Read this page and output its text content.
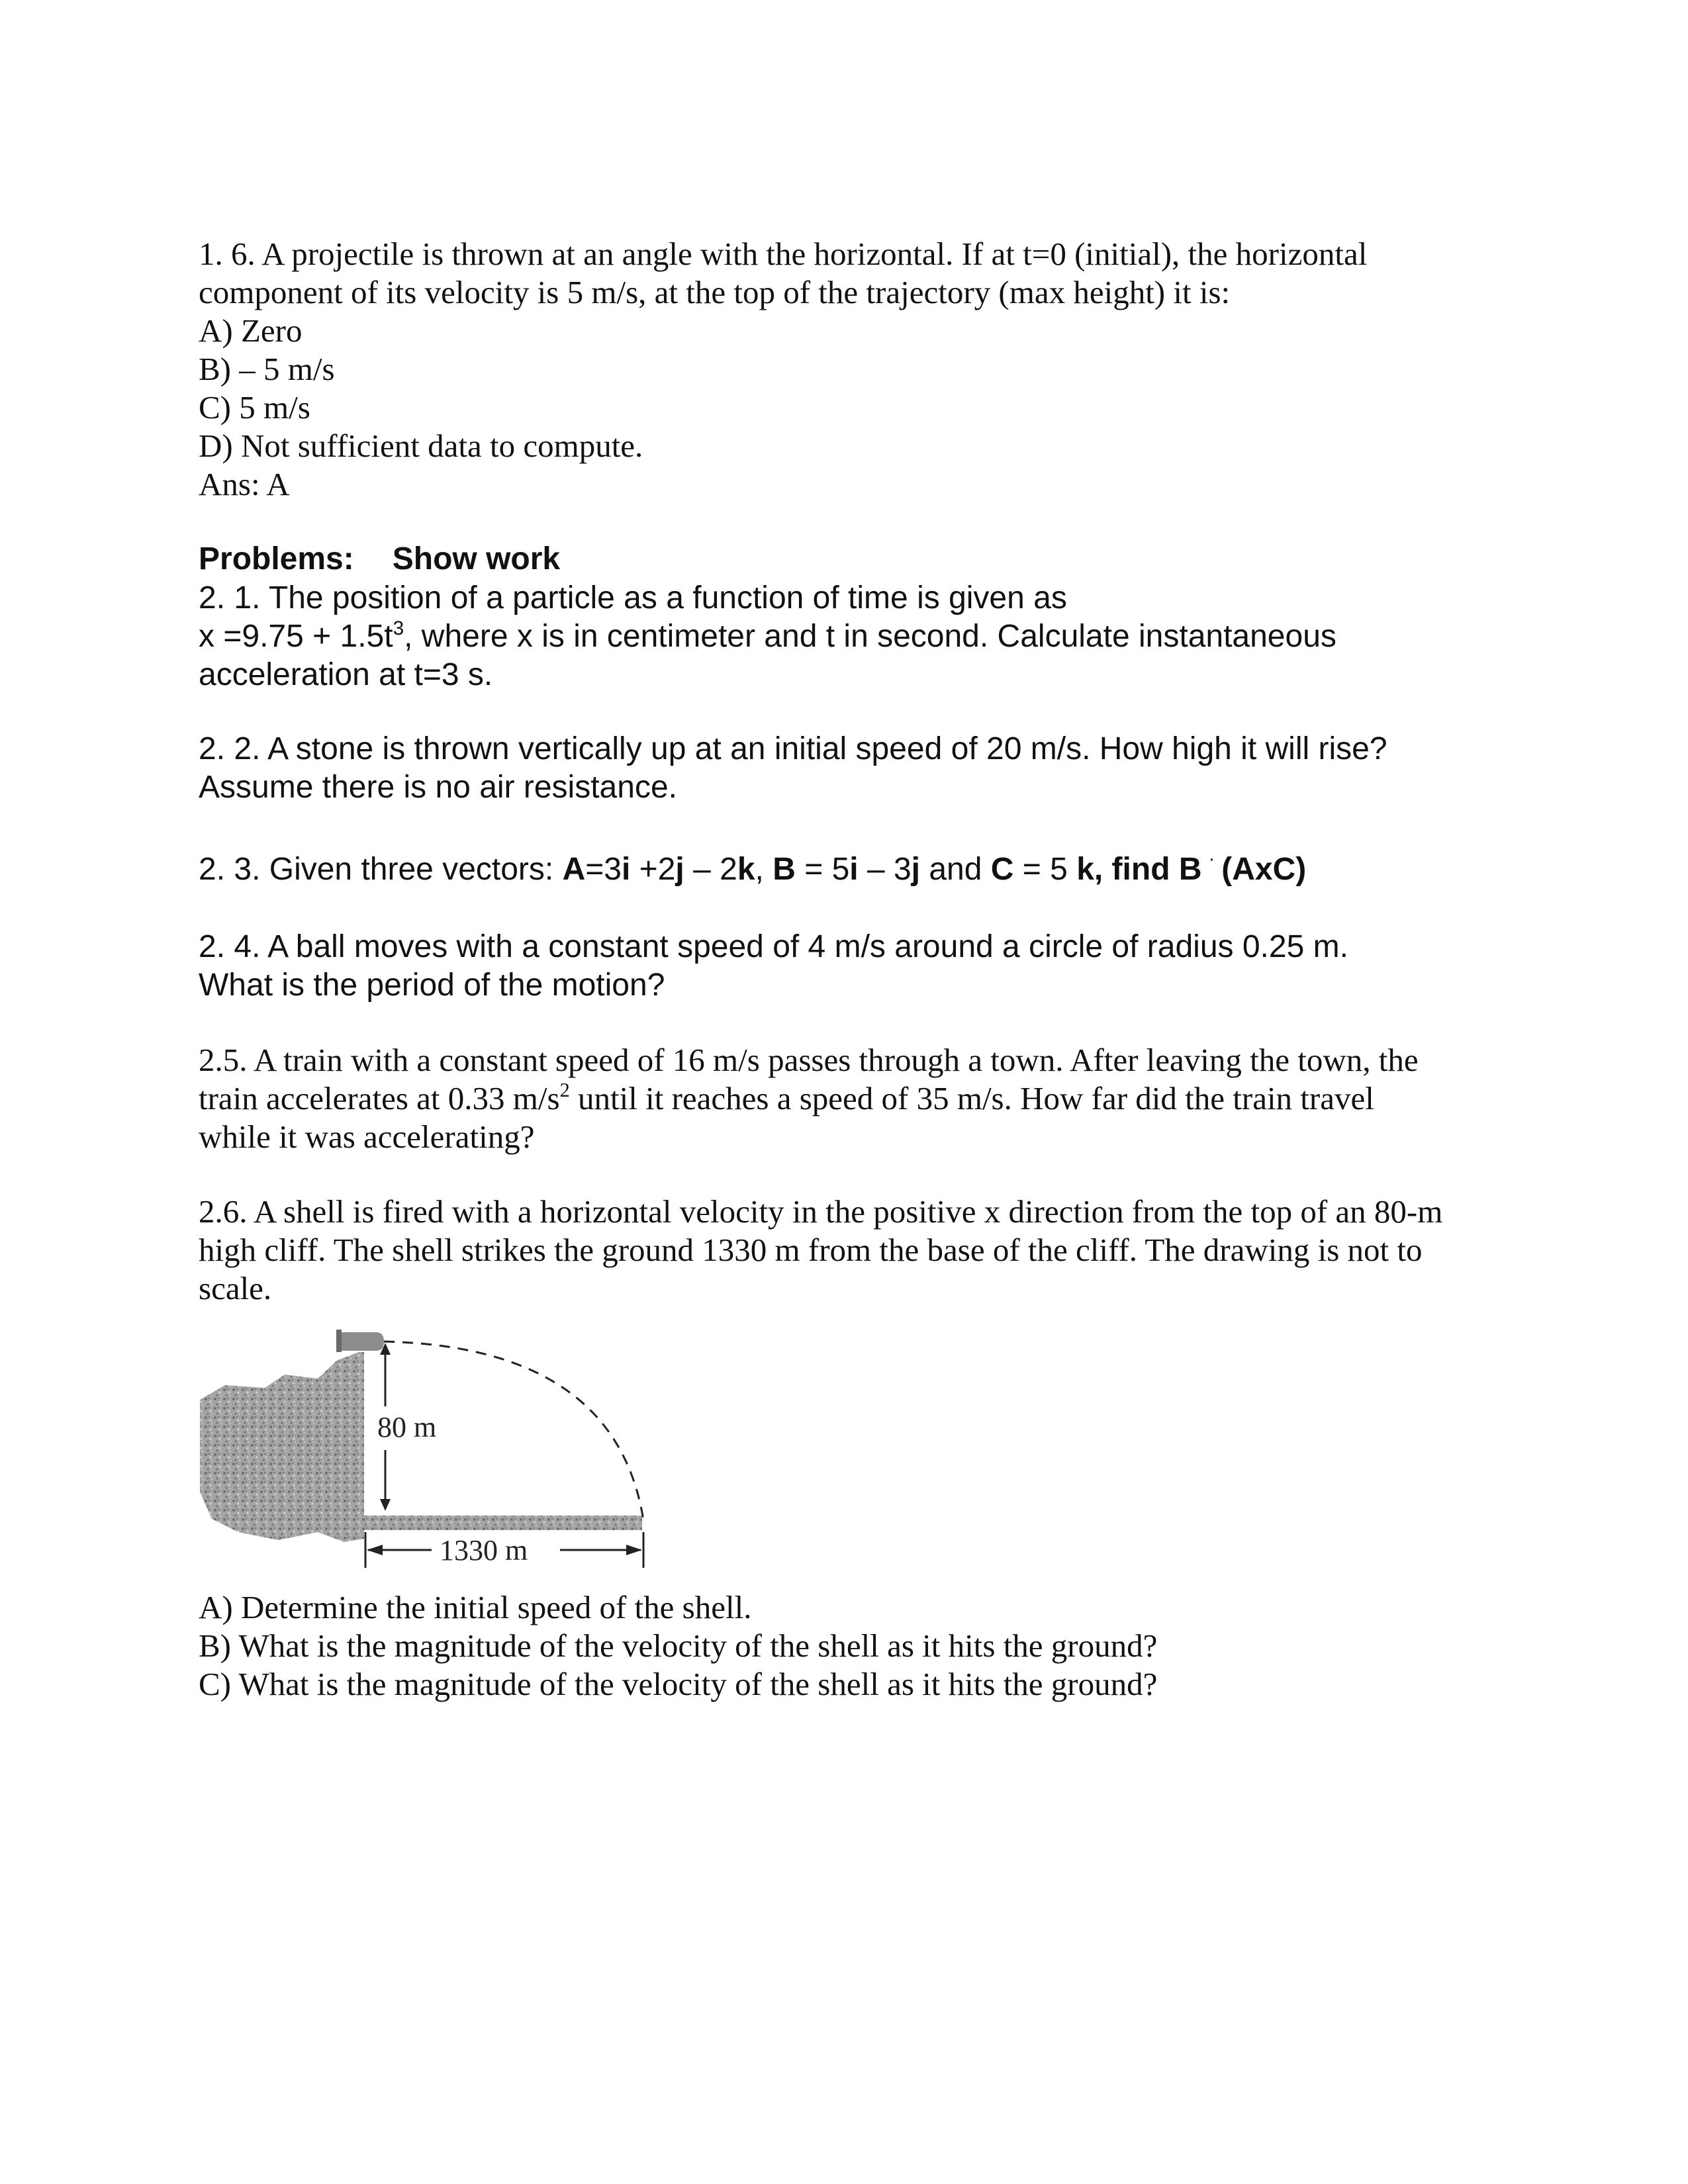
1. 6. A projectile is thrown at an angle with the horizontal. If at t=0 (initial), the horizontal
component of its velocity is 5 m/s, at the top of the trajectory (max height) it is:
A) Zero
B) – 5 m/s
C) 5 m/s
D) Not sufficient data to compute.
Ans: A
Problems: Show work
2. 1. The position of a particle as a function of time is given as
$x =9.75 + 1.5t^3$, where x is in centimeter and t in second. Calculate instantaneous
acceleration at t=3 s.
2. 2. A stone is thrown vertically up at an initial speed of 20 m/s. How high it will rise?
Assume there is no air resistance.
2. 3. Given three vectors: A=3i +2j – 2k, B = 5i – 3j and C = 5 k, find B · (AxC)
2. 4. A ball moves with a constant speed of 4 m/s around a circle of radius 0.25 m.
What is the period of the motion?
2.5. A train with a constant speed of 16 m/s passes through a town. After leaving the town, the
train accelerates at 0.33 $m/s^2$ until it reaches a speed of 35 m/s. How far did the train travel
while it was accelerating?
2.6. A shell is fired with a horizontal velocity in the positive x direction from the top of an 80-m
high cliff. The shell strikes the ground 1330 m from the base of the cliff. The drawing is not to
scale.
80 m
1330 m
A) Determine the initial speed of the shell.
B) What is the magnitude of the velocity of the shell as it hits the ground?
C) What is the magnitude of the velocity of the shell as it hits the ground?
